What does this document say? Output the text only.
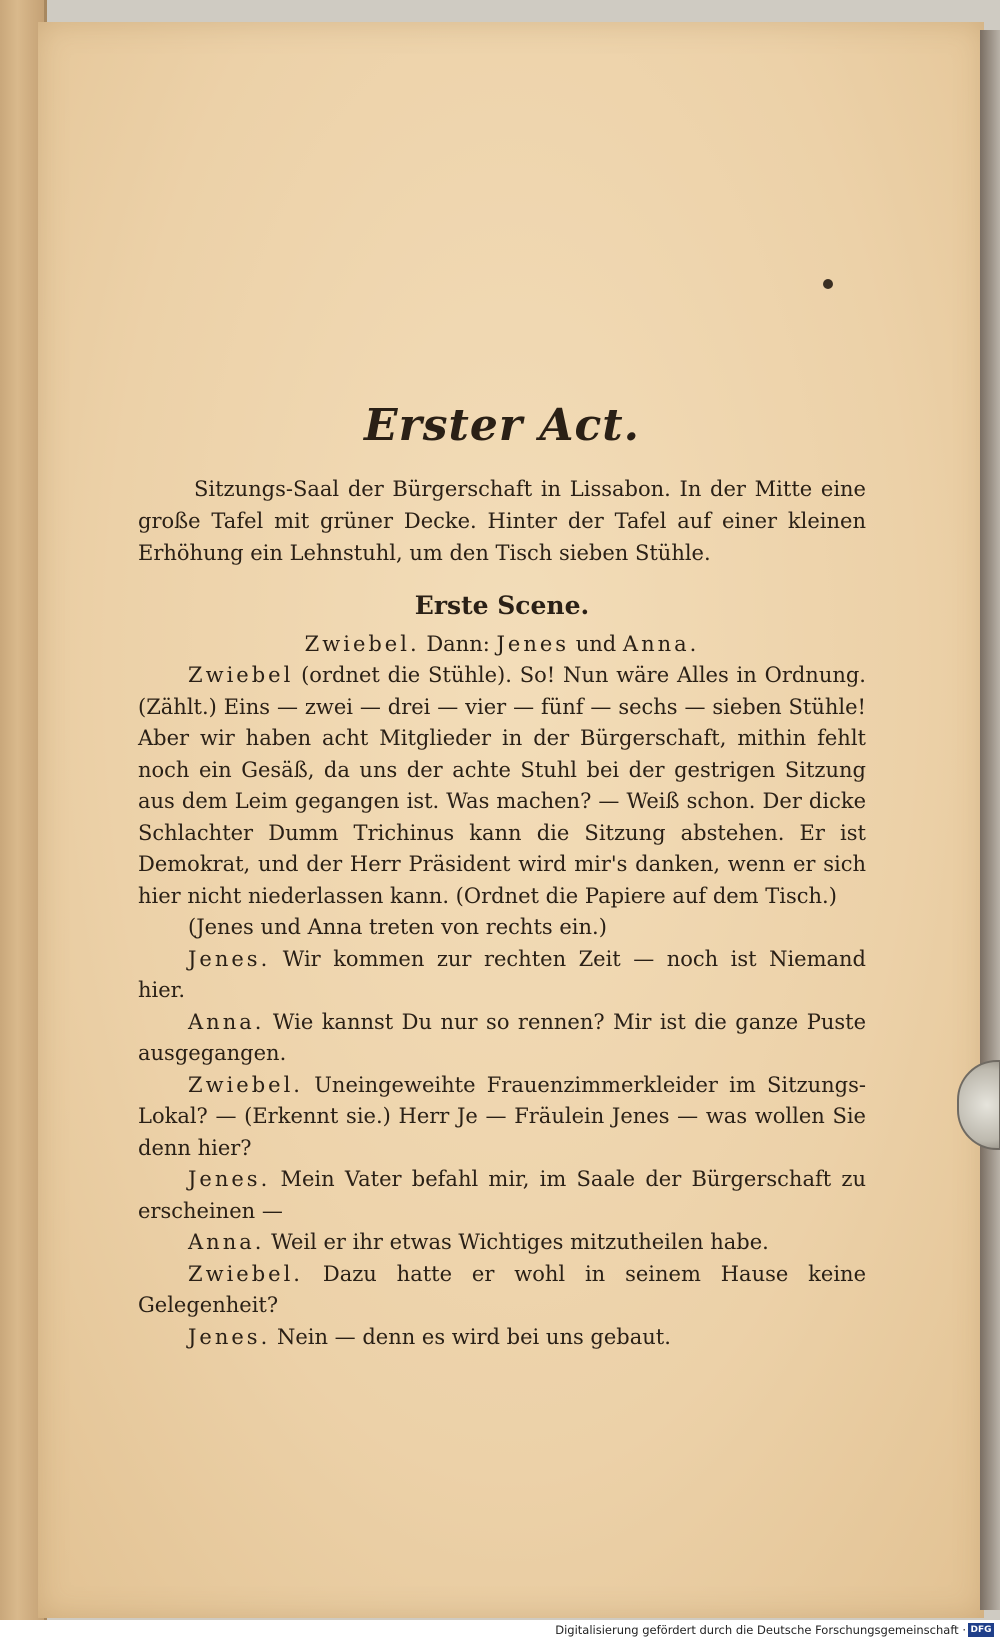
Erster Act.

Sitzungs-Saal der Bürgerschaft in Lissabon. In der Mitte eine große Tafel mit grüner Decke. Hinter der Tafel auf einer kleinen Erhöhung ein Lehnstuhl, um den Tisch sieben Stühle.

Erste Scene.

Zwiebel. Dann: Jenes und Anna.

Zwiebel (ordnet die Stühle). So! Nun wäre Alles in Ordnung. (Zählt.) Eins — zwei — drei — vier — fünf — sechs — sieben Stühle! Aber wir haben acht Mitglieder in der Bürgerschaft, mithin fehlt noch ein Gesäß, da uns der achte Stuhl bei der gestrigen Sitzung aus dem Leim gegangen ist. Was machen? — Weiß schon. Der dicke Schlachter Dumm Trichinus kann die Sitzung abstehen. Er ist Demokrat, und der Herr Präsident wird mir's danken, wenn er sich hier nicht niederlassen kann. (Ordnet die Papiere auf dem Tisch.)

(Jenes und Anna treten von rechts ein.)

Jenes. Wir kommen zur rechten Zeit — noch ist Niemand hier.

Anna. Wie kannst Du nur so rennen? Mir ist die ganze Puste ausgegangen.

Zwiebel. Uneingeweihte Frauenzimmerkleider im Sitzungs-Lokal? — (Erkennt sie.) Herr Je — Fräulein Jenes — was wollen Sie denn hier?

Jenes. Mein Vater befahl mir, im Saale der Bürgerschaft zu erscheinen —

Anna. Weil er ihr etwas Wichtiges mitzutheilen habe.

Zwiebel. Dazu hatte er wohl in seinem Hause keine Gelegenheit?

Jenes. Nein — denn es wird bei uns gebaut.

Digitalisierung gefördert durch die Deutsche Forschungsgemeinschaft · DFG
